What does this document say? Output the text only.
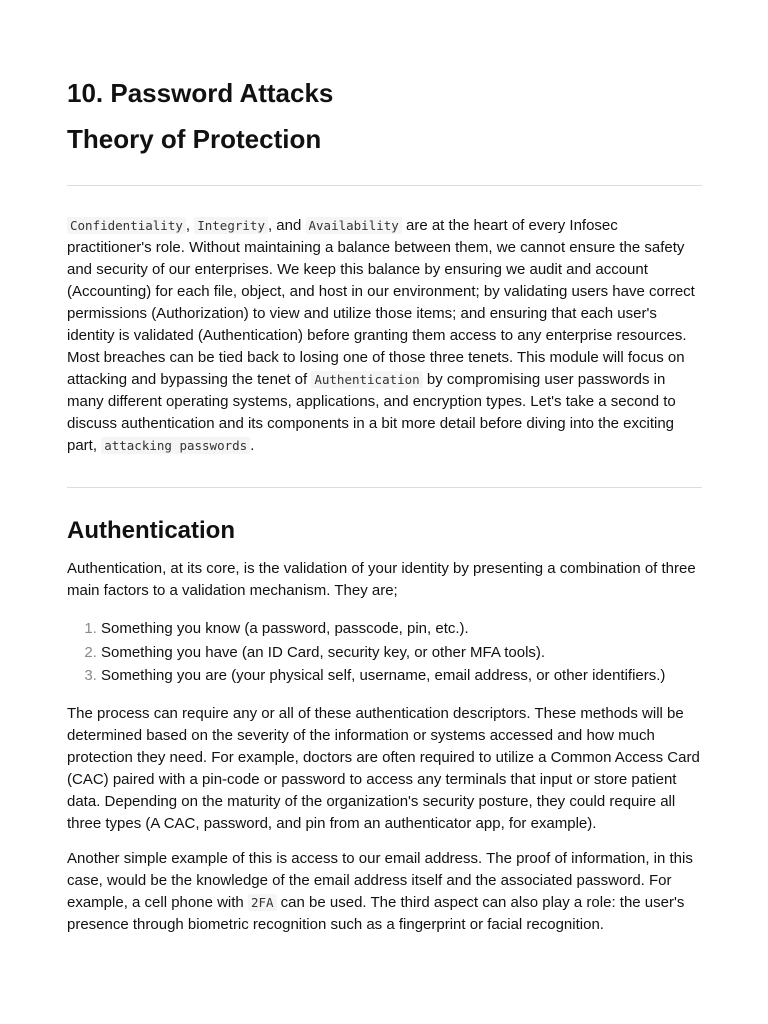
10. Password Attacks
Theory of Protection

Confidentiality , Integrity , and Availability are at the heart of every Infosec practitioner's role. Without maintaining a balance between them, we cannot ensure the safety and security of our enterprises. We keep this balance by ensuring we audit and account (Accounting) for each file, object, and host in our environment; by validating users have correct permissions (Authorization) to view and utilize those items; and ensuring that each user's identity is validated (Authentication) before granting them access to any enterprise resources. Most breaches can be tied back to losing one of those three tenets. This module will focus on attacking and bypassing the tenet of Authentication by compromising user passwords in many different operating systems, applications, and encryption types. Let's take a second to discuss authentication and its components in a bit more detail before diving into the exciting part, attacking passwords .

Authentication

Authentication, at its core, is the validation of your identity by presenting a combination of three main factors to a validation mechanism. They are;

1. Something you know (a password, passcode, pin, etc.).
2. Something you have (an ID Card, security key, or other MFA tools).
3. Something you are (your physical self, username, email address, or other identifiers.)

The process can require any or all of these authentication descriptors. These methods will be determined based on the severity of the information or systems accessed and how much protection they need. For example, doctors are often required to utilize a Common Access Card (CAC) paired with a pin-code or password to access any terminals that input or store patient data. Depending on the maturity of the organization's security posture, they could require all three types (A CAC, password, and pin from an authenticator app, for example).

Another simple example of this is access to our email address. The proof of information, in this case, would be the knowledge of the email address itself and the associated password. For example, a cell phone with 2FA can be used. The third aspect can also play a role: the user's presence through biometric recognition such as a fingerprint or facial recognition.
